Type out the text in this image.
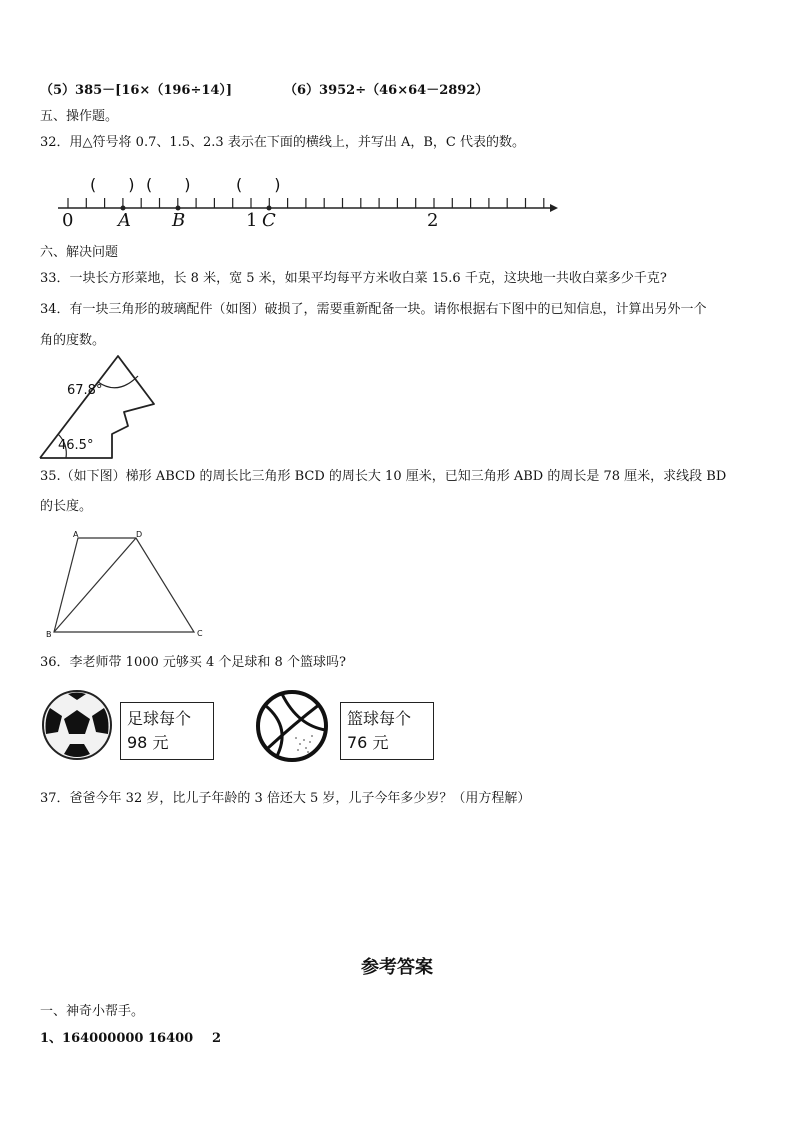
（5）385－[16×（196÷14）]	（6）3952÷（46×64－2892）
五、操作题。
32．用△符号将 0.7、1.5、2.3 表示在下面的横线上，并写出 A，B，C 代表的数。
(　　) (　　)	(　　)
0 A B	1 C	2
六、解决问题
33．一块长方形菜地，长 8 米，宽 5 米，如果平均每平方米收白菜 15.6 千克，这块地一共收白菜多少千克?
34．有一块三角形的玻璃配件（如图）破损了，需要重新配备一块。请你根据右下图中的已知信息，计算出另外一个
角的度数。
67.8°
46.5°
35.（如下图）梯形 ABCD 的周长比三角形 BCD 的周长大 10 厘米，已知三角形 ABD 的周长是 78 厘米，求线段 BD
的长度。
A	D
B	C
36．李老师带 1000 元够买 4 个足球和 8 个篮球吗?
足球每个
98 元
篮球每个
76 元
37．爸爸今年 32 岁，比儿子年龄的 3 倍还大 5 岁，儿子今年多少岁？（用方程解）
参考答案
一、神奇小帮手。
1、164000000 16400 2
